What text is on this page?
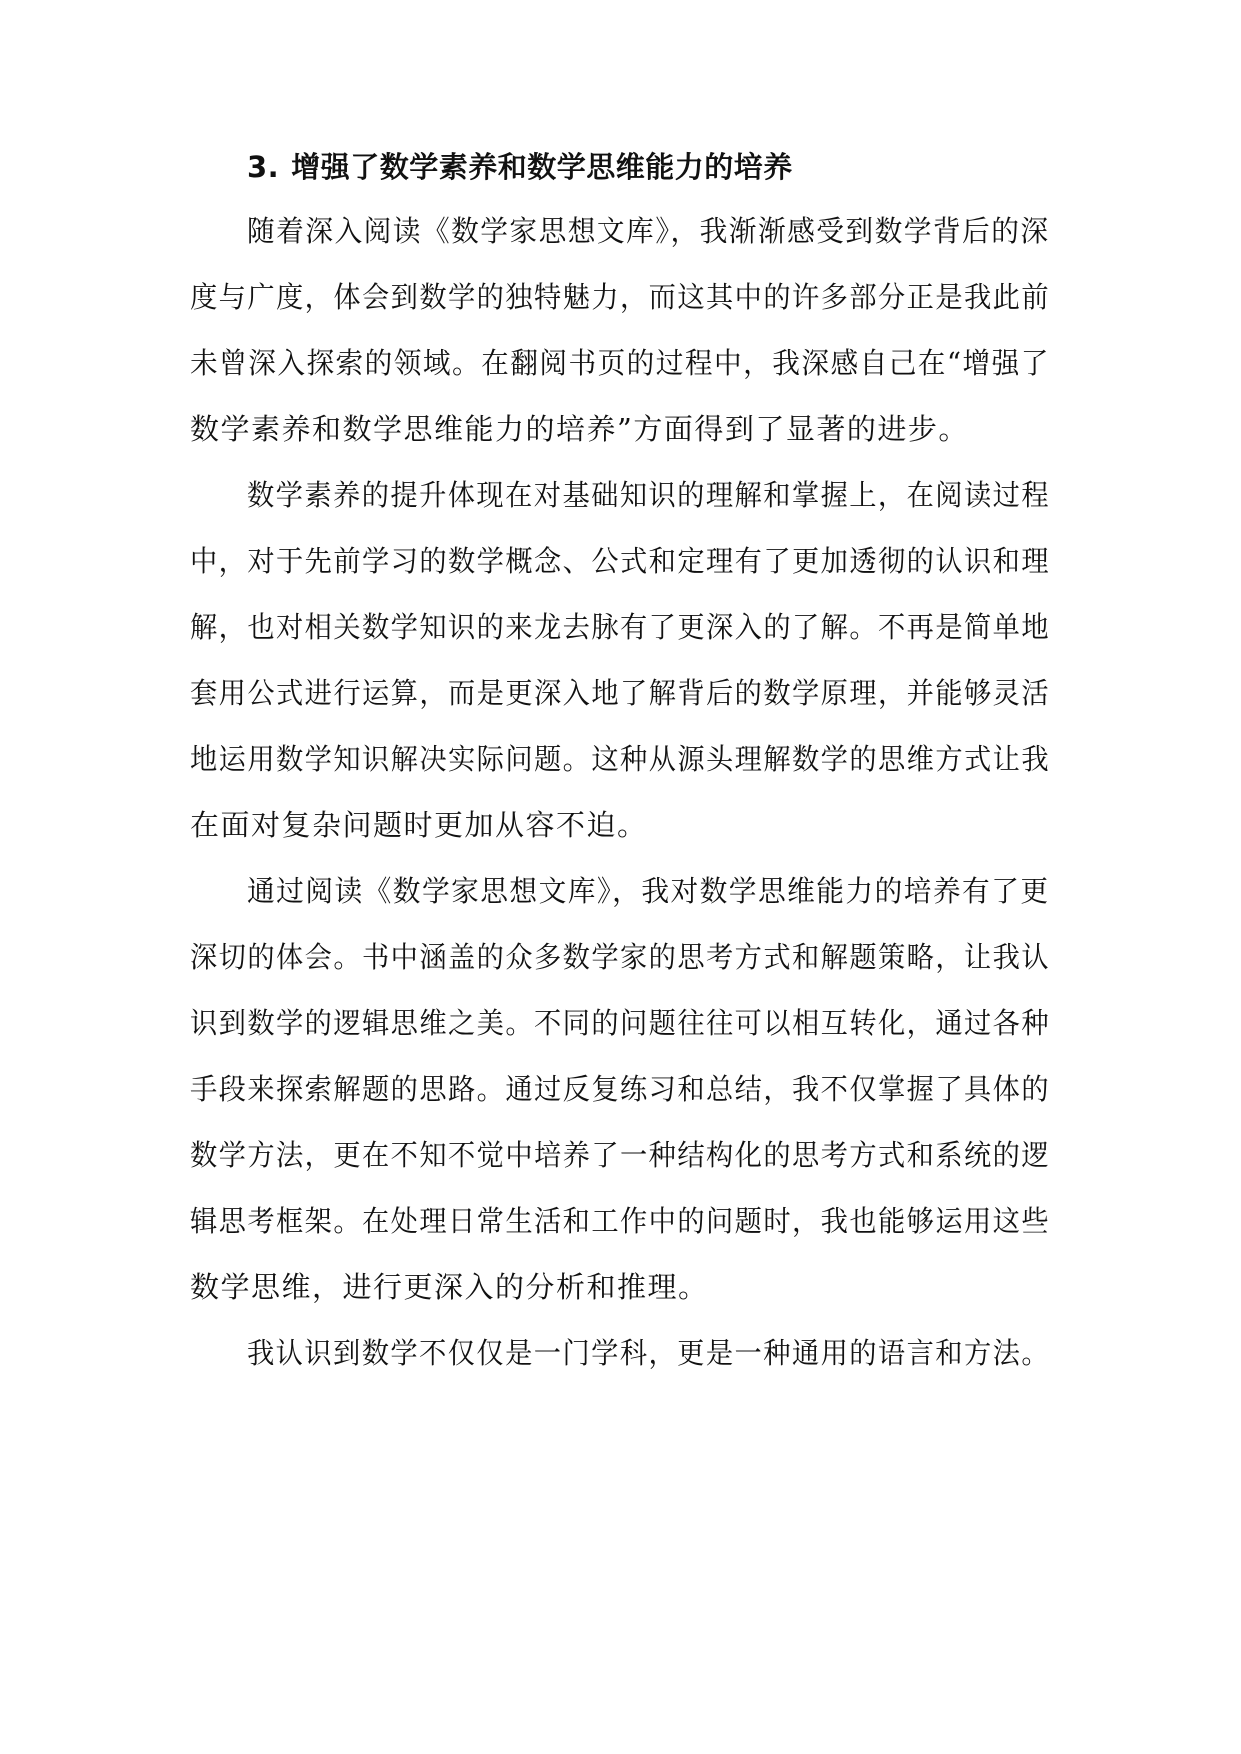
3. 增强了数学素养和数学思维能力的培养
随着深入阅读《数学家思想文库》，我渐渐感受到数学背后的深
度与广度，体会到数学的独特魅力，而这其中的许多部分正是我此前
未曾深入探索的领域。在翻阅书页的过程中，我深感自己在“增强了
数学素养和数学思维能力的培养”方面得到了显著的进步。
数学素养的提升体现在对基础知识的理解和掌握上，在阅读过程
中，对于先前学习的数学概念、公式和定理有了更加透彻的认识和理
解，也对相关数学知识的来龙去脉有了更深入的了解。不再是简单地
套用公式进行运算，而是更深入地了解背后的数学原理，并能够灵活
地运用数学知识解决实际问题。这种从源头理解数学的思维方式让我
在面对复杂问题时更加从容不迫。
通过阅读《数学家思想文库》，我对数学思维能力的培养有了更
深切的体会。书中涵盖的众多数学家的思考方式和解题策略，让我认
识到数学的逻辑思维之美。不同的问题往往可以相互转化，通过各种
手段来探索解题的思路。通过反复练习和总结，我不仅掌握了具体的
数学方法，更在不知不觉中培养了一种结构化的思考方式和系统的逻
辑思考框架。在处理日常生活和工作中的问题时，我也能够运用这些
数学思维，进行更深入的分析和推理。
我认识到数学不仅仅是一门学科，更是一种通用的语言和方法。
